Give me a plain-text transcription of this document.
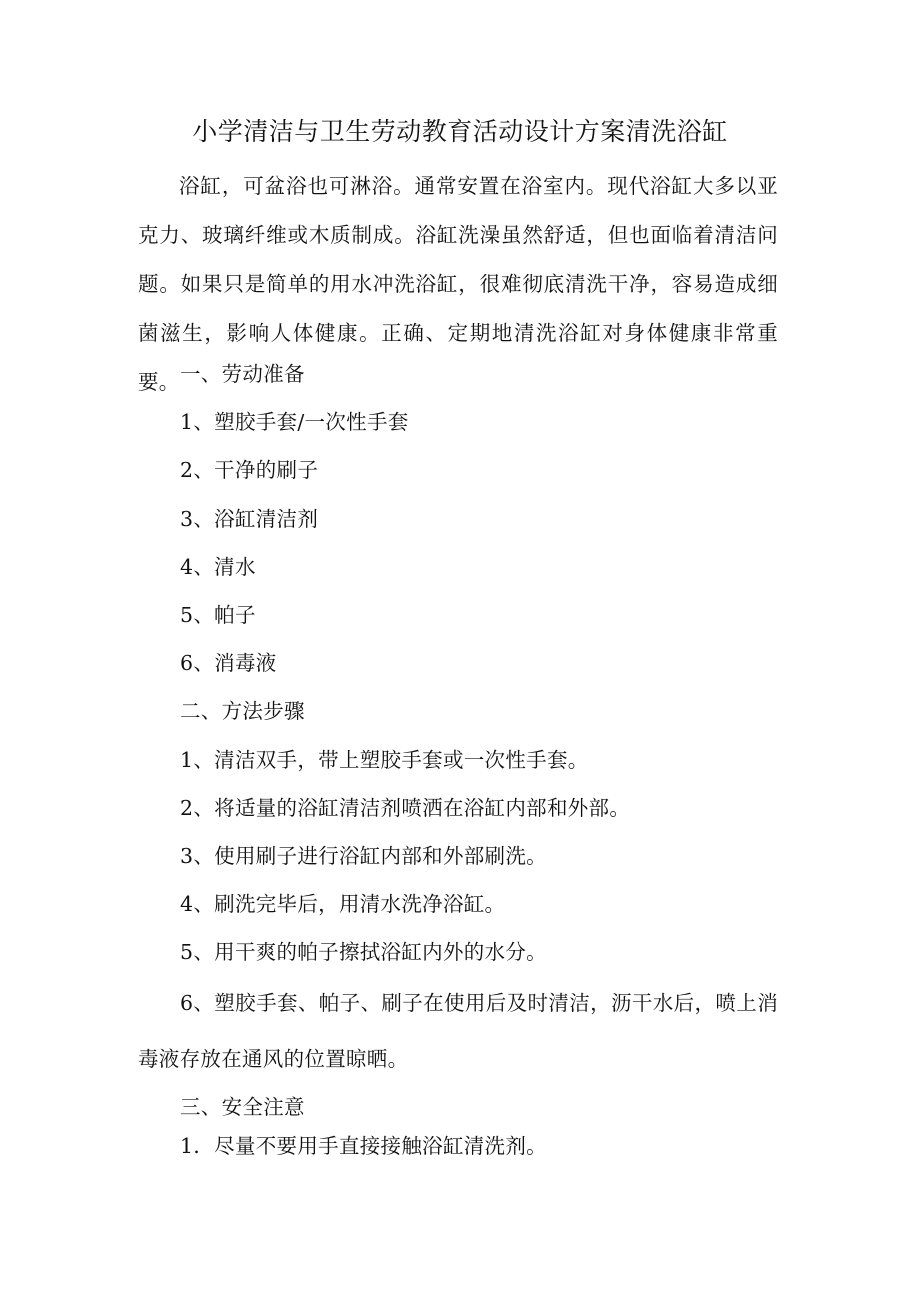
小学清洁与卫生劳动教育活动设计方案清洗浴缸

浴缸，可盆浴也可淋浴。通常安置在浴室内。现代浴缸大多以亚克力、玻璃纤维或木质制成。浴缸洗澡虽然舒适，但也面临着清洁问题。如果只是简单的用水冲洗浴缸，很难彻底清洗干净，容易造成细菌滋生，影响人体健康。正确、定期地清洗浴缸对身体健康非常重要。 一、劳动准备

1、塑胶手套/一次性手套

2、干净的刷子

3、浴缸清洁剂

4、清水

5、帕子

6、消毒液

二、方法步骤

1、清洁双手，带上塑胶手套或一次性手套。

2、将适量的浴缸清洁剂喷洒在浴缸内部和外部。

3、使用刷子进行浴缸内部和外部刷洗。

4、刷洗完毕后，用清水洗净浴缸。

5、用干爽的帕子擦拭浴缸内外的水分。

6、塑胶手套、帕子、刷子在使用后及时清洁，沥干水后，喷上消毒液存放在通风的位置晾晒。

三、安全注意

1．尽量不要用手直接接触浴缸清洗剂。
